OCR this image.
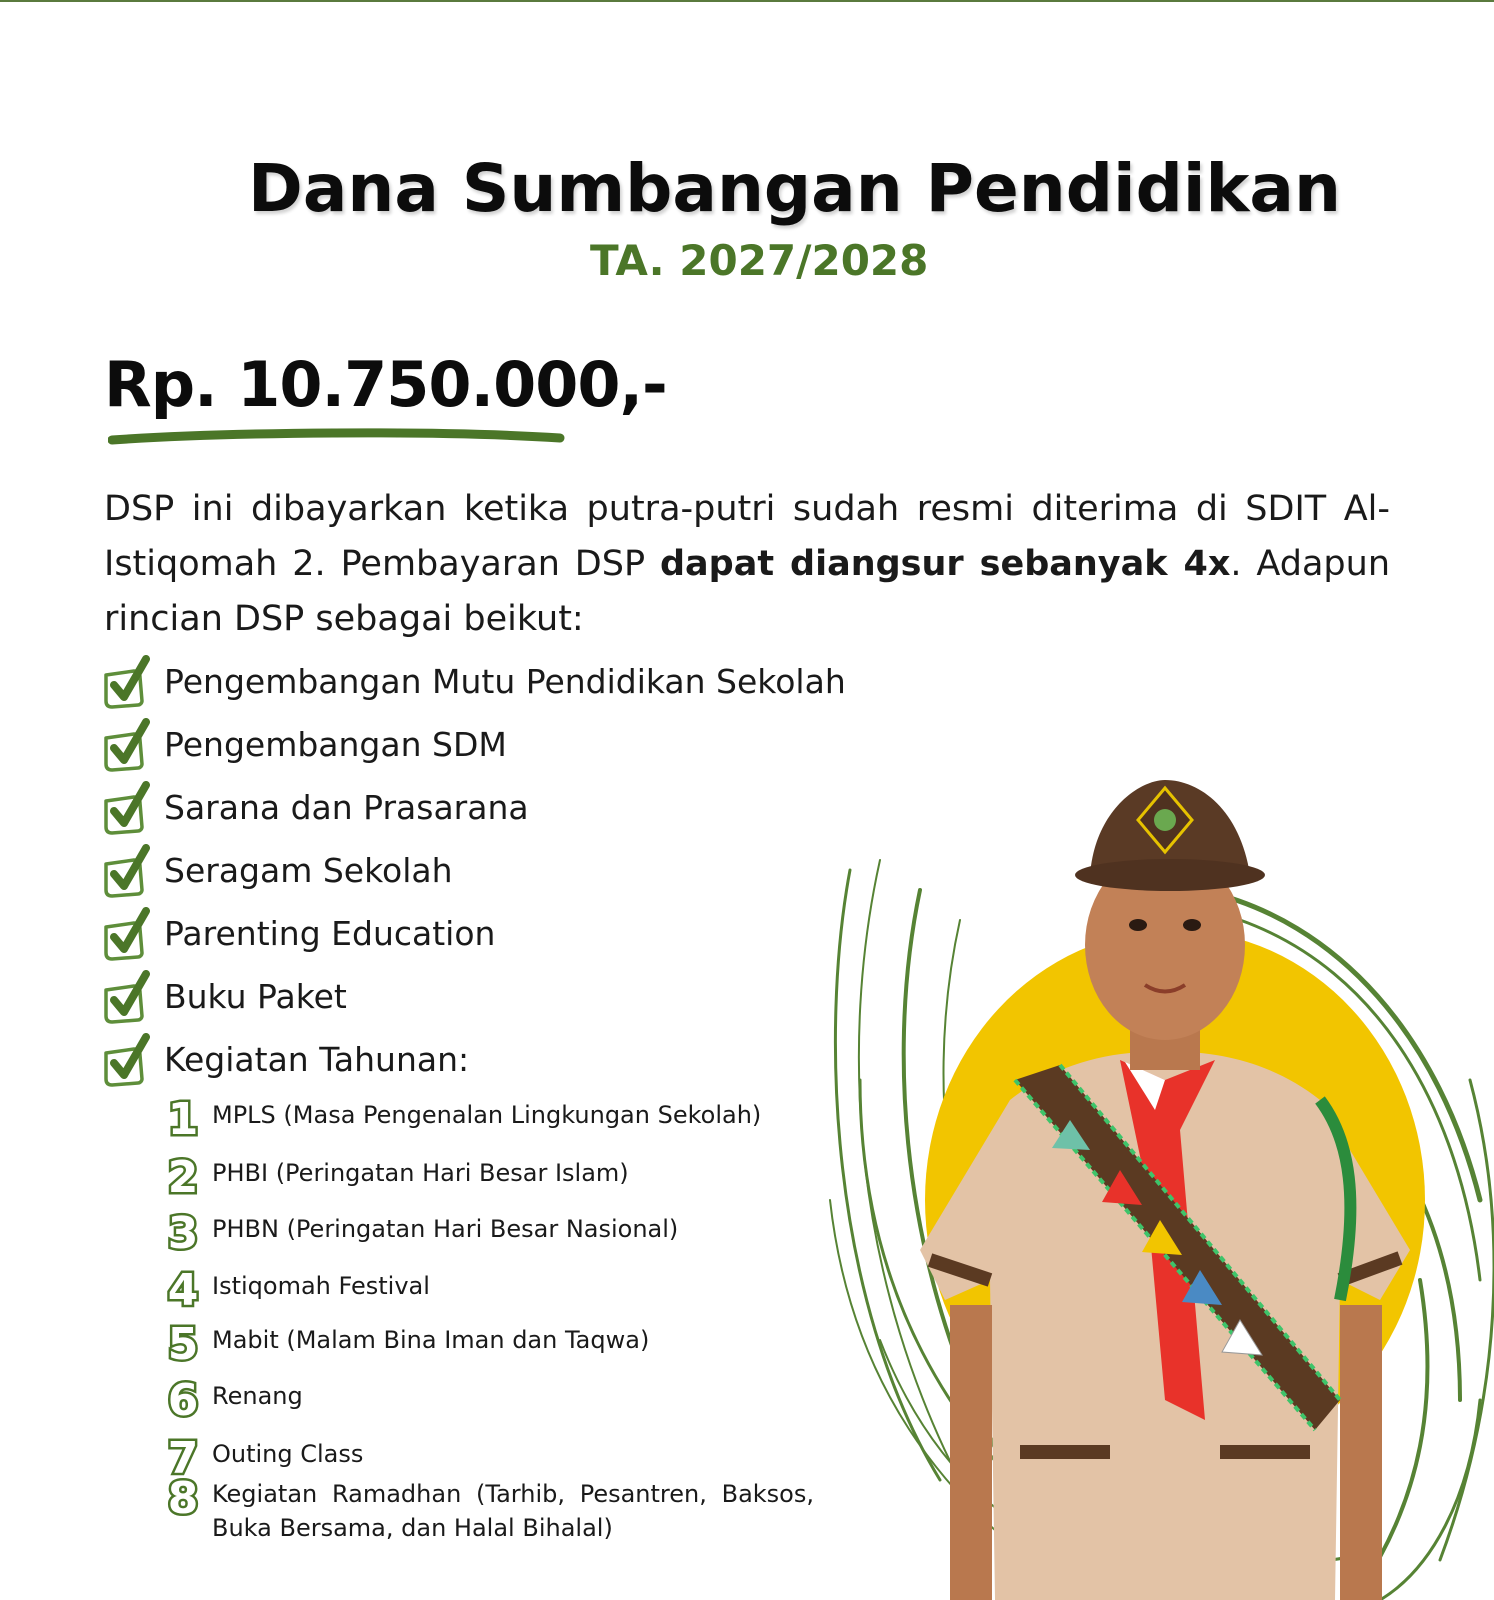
Dana Sumbangan Pendidikan
TA. 2027/2028
Rp. 10.750.000,-

DSP ini dibayarkan ketika putra-putri sudah resmi diterima di SDIT Al-Istiqomah 2. Pembayaran DSP dapat diangsur sebanyak 4x. Adapun rincian DSP sebagai beikut:

Pengembangan Mutu Pendidikan Sekolah
Pengembangan SDM
Sarana dan Prasarana
Seragam Sekolah
Parenting Education
Buku Paket
Kegiatan Tahunan:
1 MPLS (Masa Pengenalan Lingkungan Sekolah)
2 PHBI (Peringatan Hari Besar Islam)
3 PHBN (Peringatan Hari Besar Nasional)
4 Istiqomah Festival
5 Mabit (Malam Bina Iman dan Taqwa)
6 Renang
7 Outing Class
8 Kegiatan Ramadhan (Tarhib, Pesantren, Baksos, Buka Bersama, dan Halal Bihalal)
